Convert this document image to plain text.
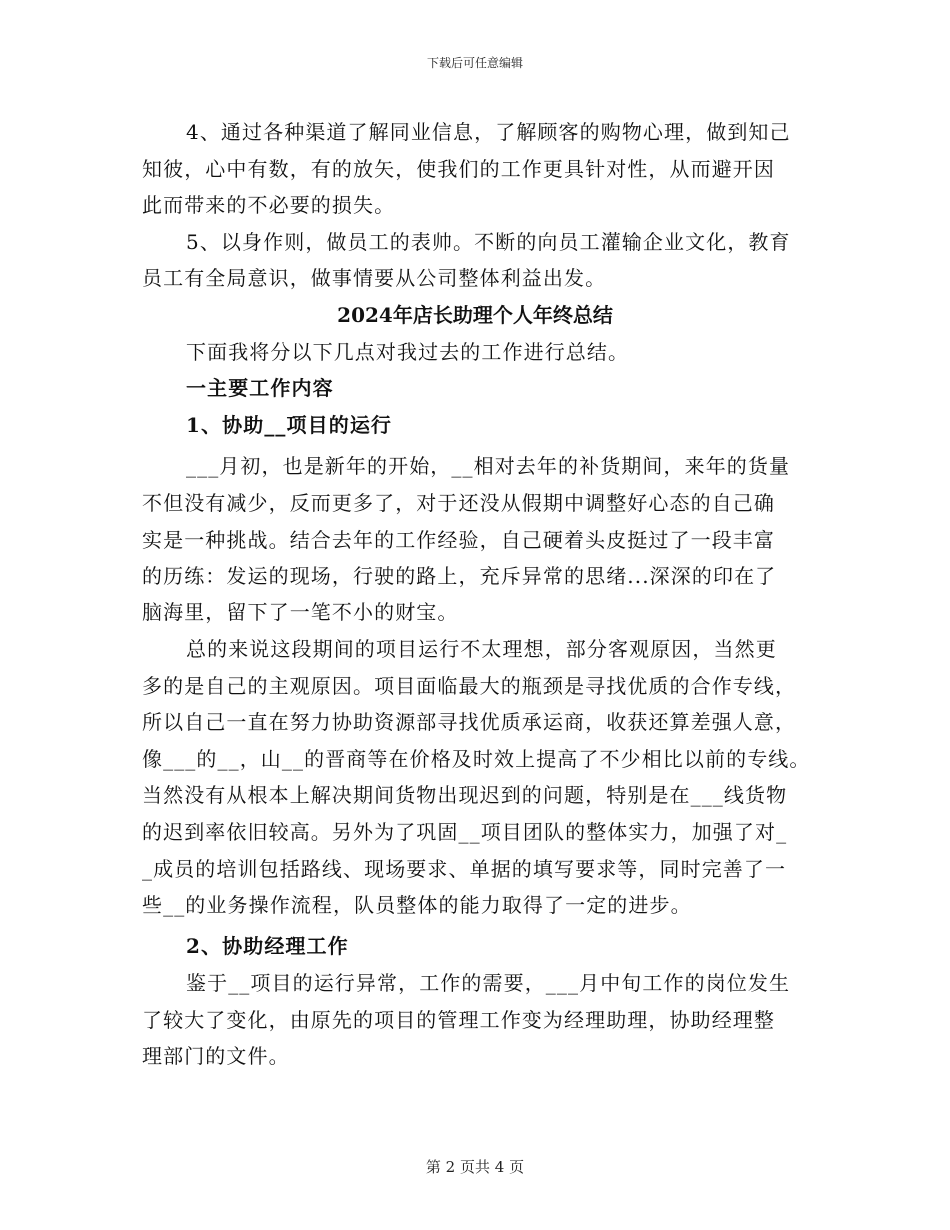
下载后可任意编辑
4、通过各种渠道了解同业信息，了解顾客的购物心理，做到知己
知彼，心中有数，有的放矢，使我们的工作更具针对性，从而避开因
此而带来的不必要的损失。
5、以身作则，做员工的表帅。不断的向员工灌输企业文化，教育
员工有全局意识，做事情要从公司整体利益出发。
2024年店长助理个人年终总结
下面我将分以下几点对我过去的工作进行总结。
一主要工作内容
1、协助__项目的运行
___月初，也是新年的开始，__相对去年的补货期间，来年的货量
不但没有减少，反而更多了，对于还没从假期中调整好心态的自己确
实是一种挑战。结合去年的工作经验，自己硬着头皮挺过了一段丰富
的历练：发运的现场，行驶的路上，充斥异常的思绪...深深的印在了
脑海里，留下了一笔不小的财宝。
总的来说这段期间的项目运行不太理想，部分客观原因，当然更
多的是自己的主观原因。项目面临最大的瓶颈是寻找优质的合作专线，
所以自己一直在努力协助资源部寻找优质承运商，收获还算差强人意，
像___的__，山__的晋商等在价格及时效上提高了不少相比以前的专线。
当然没有从根本上解决期间货物出现迟到的问题，特别是在___线货物
的迟到率依旧较高。另外为了巩固__项目团队的整体实力，加强了对_
_成员的培训包括路线、现场要求、单据的填写要求等，同时完善了一
些__的业务操作流程，队员整体的能力取得了一定的进步。
2、协助经理工作
鉴于__项目的运行异常，工作的需要，___月中旬工作的岗位发生
了较大了变化，由原先的项目的管理工作变为经理助理，协助经理整
理部门的文件。
第 2 页共 4 页
